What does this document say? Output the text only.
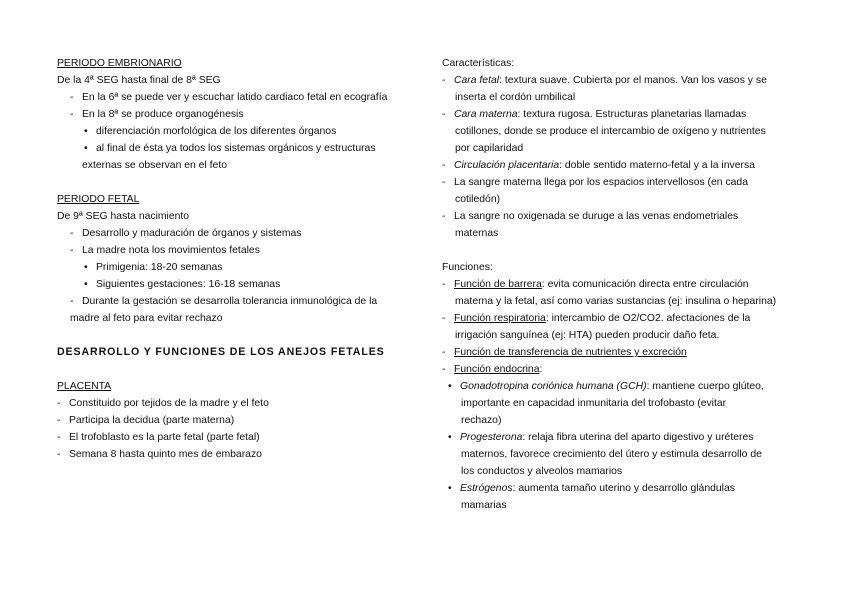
PERIODO EMBRIONARIO
De la 4ª SEG hasta final de 8ª SEG
- En la 6ª se puede ver y escuchar latido cardiaco fetal en ecografía
- En la 8ª se produce organogénesis
• diferenciación morfológica de los diferentes órganos
• al final de ésta ya todos los sistemas orgánicos y estructuras
externas se observan en el feto
PERIODO FETAL
De 9ª SEG hasta nacimiento
- Desarrollo y maduración de órganos y sistemas
- La madre nota los movimientos fetales
• Primigenia: 18-20 semanas
• Siguientes gestaciones: 16-18 semanas
- Durante la gestación se desarrolla tolerancia inmunológica de la
madre al feto para evitar rechazo
DESARROLLO Y FUNCIONES DE LOS ANEJOS FETALES
PLACENTA
- Constituido por tejidos de la madre y el feto
- Participa la decidua (parte materna)
- El trofoblasto es la parte fetal (parte fetal)
- Semana 8 hasta quinto mes de embarazo
Características:
- Cara fetal: textura suave. Cubierta por el manos. Van los vasos y se
inserta el cordón umbilical
- Cara materna: textura rugosa. Estructuras planetarias llamadas
cotillones, donde se produce el intercambio de oxígeno y nutrientes
por capilaridad
- Circulación placentaria: doble sentido materno-fetal y a la inversa
- La sangre materna llega por los espacios intervellosos (en cada
cotiledón)
- La sangre no oxigenada se duruge a las venas endometriales
maternas
Funciones:
- Función de barrera: evita comunicación directa entre circulación
materna y la fetal, así como varias sustancias (ej: insulina o heparina)
- Función respiratoria: intercambio de O2/CO2. afectaciones de la
irrigación sanguínea (ej: HTA) pueden producir daño feta.
- Función de transferencia de nutrientes y excreción
- Función endocrina:
• Gonadotropina coriónica humana (GCH): mantiene cuerpo glúteo,
importante en capacidad inmunitaria del trofobasto (evitar
rechazo)
• Progesterona: relaja fibra uterina del aparto digestivo y uréteres
maternos, favorece crecimiento del útero y estimula desarrollo de
los conductos y alveolos mamarios
• Estrógenos: aumenta tamaño uterino y desarrollo glándulas
mamarias
